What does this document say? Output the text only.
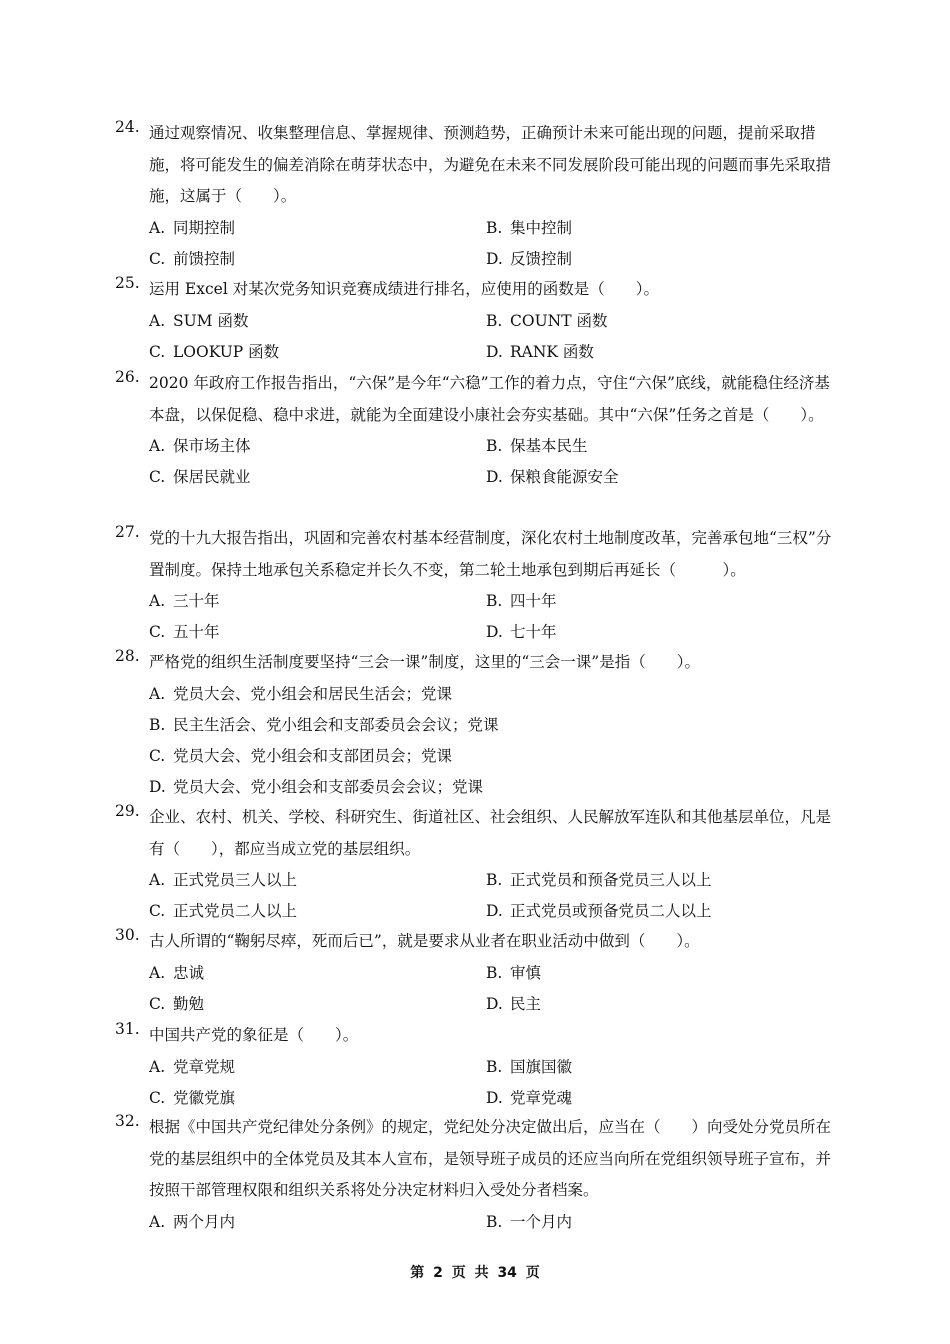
24. 通过观察情况、收集整理信息、掌握规律、预测趋势，正确预计未来可能出现的问题，提前采取措施，将可能发生的偏差消除在萌芽状态中，为避免在未来不同发展阶段可能出现的问题而事先采取措施，这属于（　　）。
A. 同期控制	B. 集中控制
C. 前馈控制	D. 反馈控制
25. 运用 Excel 对某次党务知识竞赛成绩进行排名，应使用的函数是（　　）。
A. SUM 函数	B. COUNT 函数
C. LOOKUP 函数	D. RANK 函数
26. 2020 年政府工作报告指出，“六保”是今年“六稳”工作的着力点，守住“六保”底线，就能稳住经济基本盘，以保促稳、稳中求进，就能为全面建设小康社会夯实基础。其中“六保”任务之首是（　　）。
A. 保市场主体	B. 保基本民生
C. 保居民就业	D. 保粮食能源安全
27. 党的十九大报告指出，巩固和完善农村基本经营制度，深化农村土地制度改革，完善承包地“三权”分置制度。保持土地承包关系稳定并长久不变，第二轮土地承包到期后再延长（　　　）。
A. 三十年	B. 四十年
C. 五十年	D. 七十年
28. 严格党的组织生活制度要坚持“三会一课”制度，这里的“三会一课”是指（　　）。
A. 党员大会、党小组会和居民生活会；党课
B. 民主生活会、党小组会和支部委员会会议；党课
C. 党员大会、党小组会和支部团员会；党课
D. 党员大会、党小组会和支部委员会会议；党课
29. 企业、农村、机关、学校、科研究生、街道社区、社会组织、人民解放军连队和其他基层单位，凡是有（　　），都应当成立党的基层组织。
A. 正式党员三人以上	B. 正式党员和预备党员三人以上
C. 正式党员二人以上	D. 正式党员或预备党员二人以上
30. 古人所谓的“鞠躬尽瘁，死而后已”，就是要求从业者在职业活动中做到（　　）。
A. 忠诚	B. 审慎
C. 勤勉	D. 民主
31. 中国共产党的象征是（　　）。
A. 党章党规	B. 国旗国徽
C. 党徽党旗	D. 党章党魂
32. 根据《中国共产党纪律处分条例》的规定，党纪处分决定做出后，应当在（　　）向受处分党员所在党的基层组织中的全体党员及其本人宣布，是领导班子成员的还应当向所在党组织领导班子宣布，并按照干部管理权限和组织关系将处分决定材料归入受处分者档案。
A. 两个月内	B. 一个月内
第 2 页 共 34 页
